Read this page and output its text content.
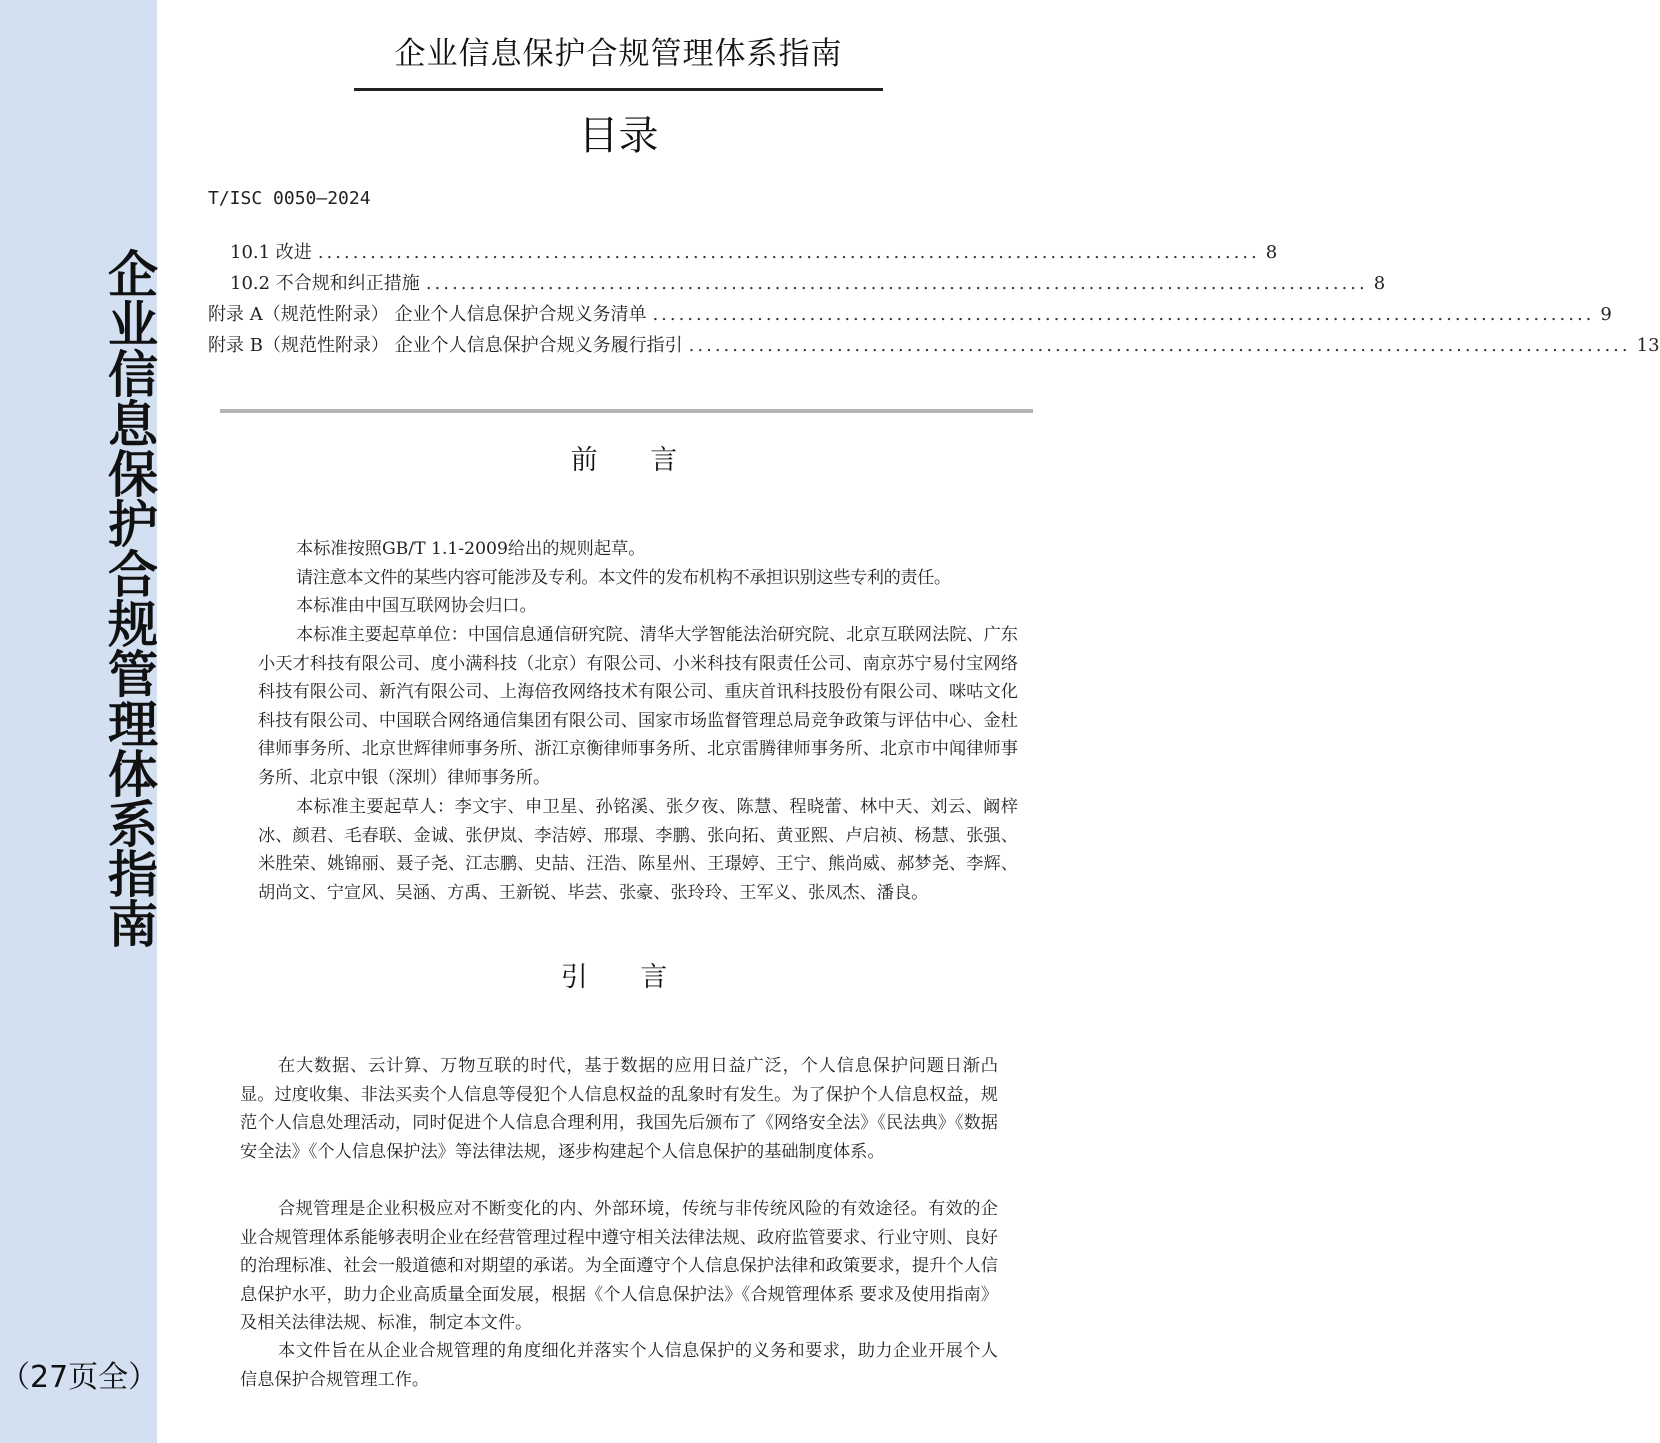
企业信息保护合规管理体系指南
（27页全）
企业信息保护合规管理体系指南
目录
T/ISC 0050—2024
10.1 改进 ............................................................................................................ 8
10.2 不合规和纠正措施 ............................................................................................................ 8
附录 A（规范性附录） 企业个人信息保护合规义务清单 ............................................................................................................ 9
附录 B（规范性附录） 企业个人信息保护合规义务履行指引 ............................................................................................................ 13
前 言

本标准按照GB/T 1.1-2009给出的规则起草。

请注意本文件的某些内容可能涉及专利。本文件的发布机构不承担识别这些专利的责任。

本标准由中国互联网协会归口。

本标准主要起草单位：中国信息通信研究院、清华大学智能法治研究院、北京互联网法院、广东小天才科技有限公司、度小满科技（北京）有限公司、小米科技有限责任公司、南京苏宁易付宝网络科技有限公司、新汽有限公司、上海倍孜网络技术有限公司、重庆首讯科技股份有限公司、咪咕文化科技有限公司、中国联合网络通信集团有限公司、国家市场监督管理总局竞争政策与评估中心、金杜律师事务所、北京世辉律师事务所、浙江京衡律师事务所、北京雷腾律师事务所、北京市中闻律师事务所、北京中银（深圳）律师事务所。

本标准主要起草人：李文宇、申卫星、孙铭溪、张夕夜、陈慧、程晓蕾、林中天、刘云、阚梓冰、颜君、毛春联、金诚、张伊岚、李洁婷、邢璟、李鹏、张向拓、黄亚熙、卢启祯、杨慧、张强、米胜荣、姚锦丽、聂子尧、江志鹏、史喆、汪浩、陈星州、王璟婷、王宁、熊尚威、郝梦尧、李辉、胡尚文、宁宣风、吴涵、方禹、王新锐、毕芸、张豪、张玲玲、王军义、张凤杰、潘良。

引 言

在大数据、云计算、万物互联的时代，基于数据的应用日益广泛，个人信息保护问题日渐凸显。过度收集、非法买卖个人信息等侵犯个人信息权益的乱象时有发生。为了保护个人信息权益，规范个人信息处理活动，同时促进个人信息合理利用，我国先后颁布了《网络安全法》《民法典》《数据安全法》《个人信息保护法》等法律法规，逐步构建起个人信息保护的基础制度体系。

合规管理是企业积极应对不断变化的内、外部环境，传统与非传统风险的有效途径。有效的企业合规管理体系能够表明企业在经营管理过程中遵守相关法律法规、政府监管要求、行业守则、良好的治理标准、社会一般道德和对期望的承诺。为全面遵守个人信息保护法律和政策要求，提升个人信息保护水平，助力企业高质量全面发展，根据《个人信息保护法》《合规管理体系 要求及使用指南》及相关法律法规、标准，制定本文件。

本文件旨在从企业合规管理的角度细化并落实个人信息保护的义务和要求，助力企业开展个人信息保护合规管理工作。
